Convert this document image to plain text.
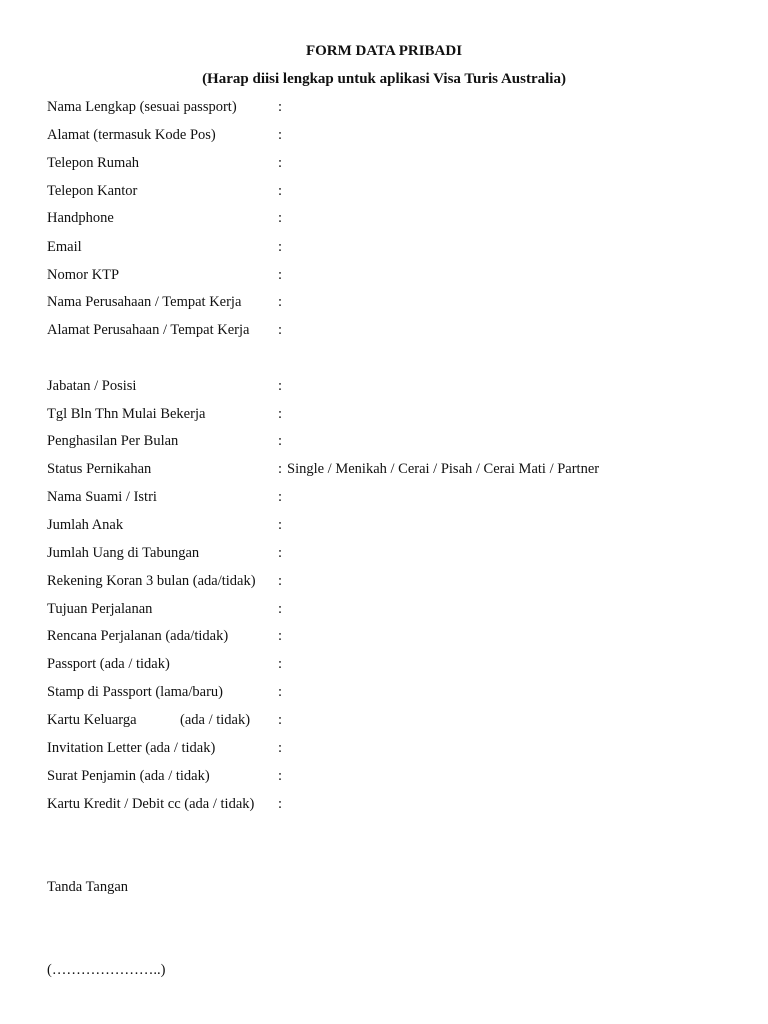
FORM DATA PRIBADI
(Harap diisi lengkap untuk aplikasi Visa Turis Australia)
Nama Lengkap (sesuai passport)	:
Alamat (termasuk Kode Pos)	:
Telepon Rumah	:
Telepon Kantor	:
Handphone	:
Email	:
Nomor KTP	:
Nama Perusahaan / Tempat Kerja	:
Alamat Perusahaan / Tempat Kerja :
Jabatan / Posisi	:
Tgl Bln Thn Mulai Bekerja	:
Penghasilan Per Bulan	:
Status Pernikahan	: Single / Menikah / Cerai / Pisah / Cerai Mati / Partner
Nama Suami / Istri	:
Jumlah Anak	:
Jumlah Uang di Tabungan	:
Rekening Koran 3 bulan (ada/tidak) :
Tujuan Perjalanan	:
Rencana Perjalanan (ada/tidak)	:
Passport (ada / tidak)	:
Stamp di Passport (lama/baru)	:
Kartu Keluarga            (ada / tidak) :
Invitation Letter (ada / tidak)	:
Surat Penjamin (ada / tidak)	:
Kartu Kredit / Debit cc (ada / tidak) :
Tanda Tangan
(…………………..)
